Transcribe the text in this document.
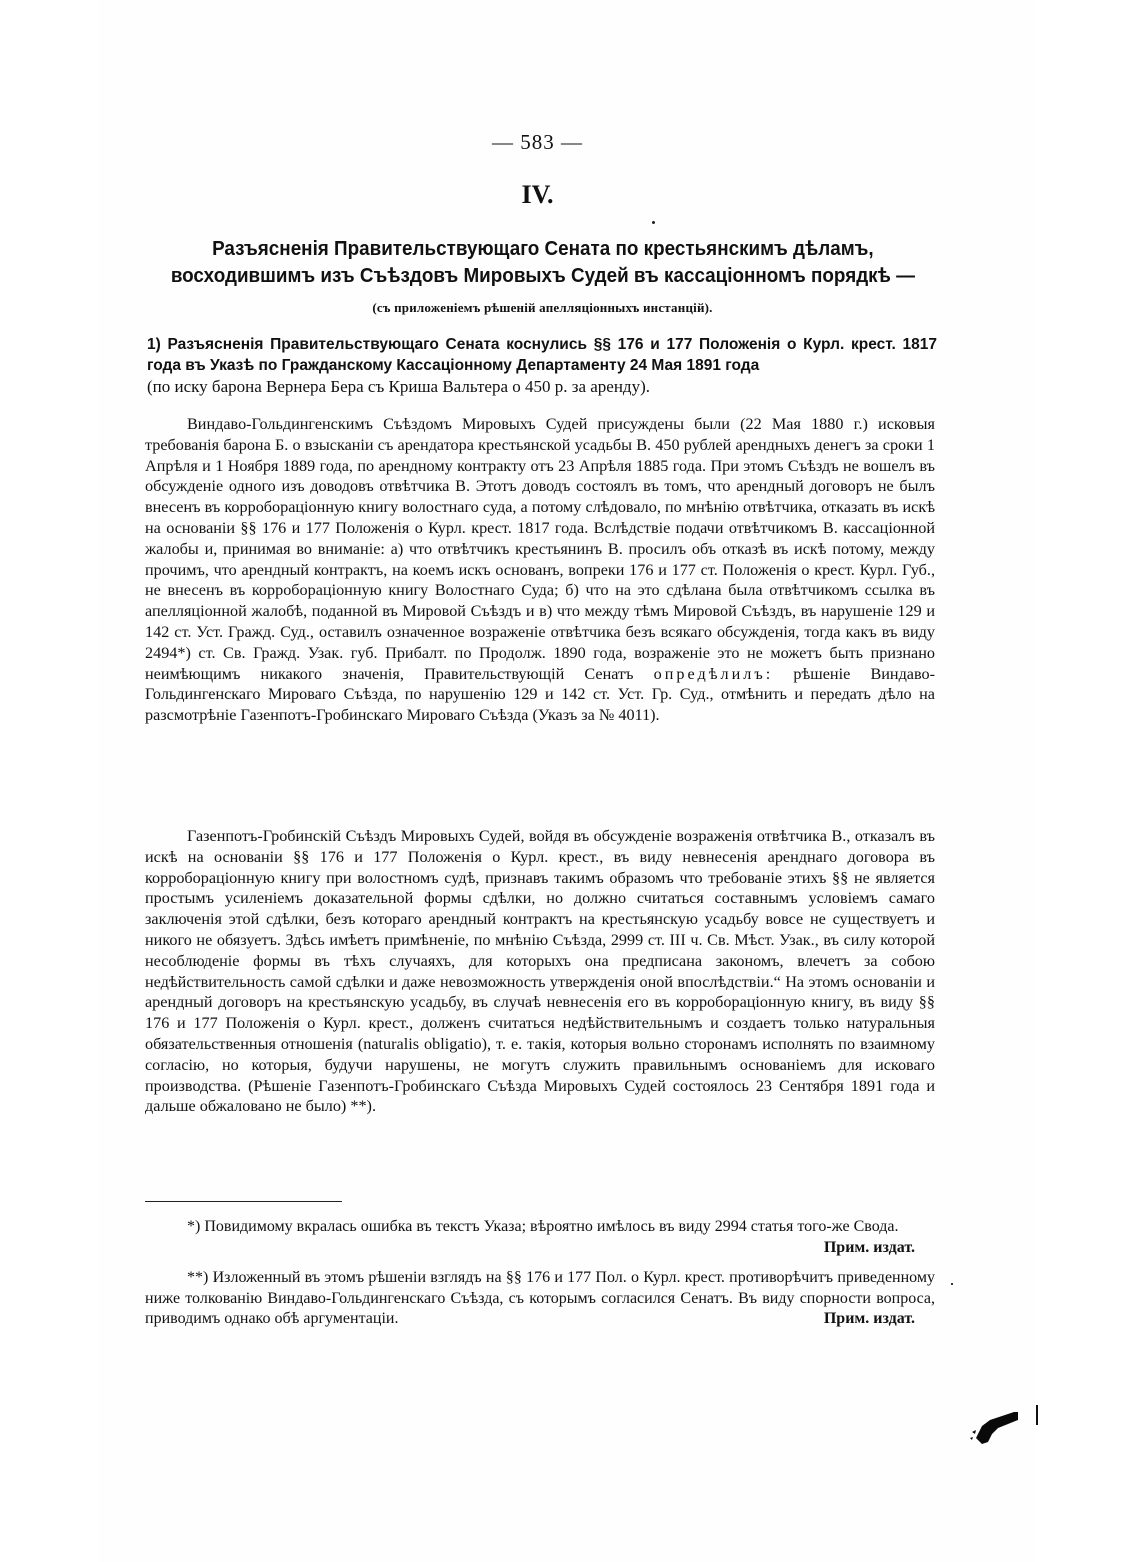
— 583 —
IV.
Разъясненія Правительствующаго Сената по крестьянскимъ дѣламъ, восходившимъ изъ Съѣздовъ Мировыхъ Судей въ кассаціонномъ порядкѣ —
(съ приложеніемъ рѣшеній апелляціонныхъ инстанцій).
1) Разъясненія Правительствующаго Сената коснулись §§ 176 и 177 Положенія о Курл. крест. 1817 года въ Указѣ по Гражданскому Кассаціонному Департаменту 24 Мая 1891 года
(по иску барона Вернера Бера съ Криша Вальтера о 450 р. за аренду).

Виндаво-Гольдингенскимъ Съѣздомъ Мировыхъ Судей присуждены были (22 Мая 1880 г.) исковыя требованія барона Б. о взысканіи съ арендатора крестьянской усадьбы В. 450 рублей арендныхъ денегъ за сроки 1 Апрѣля и 1 Ноября 1889 года, по арендному контракту отъ 23 Апрѣля 1885 года. При этомъ Съѣздъ не вошелъ въ обсужденіе одного изъ доводовъ отвѣтчика В. Этотъ доводъ состоялъ въ томъ, что арендный договоръ не былъ внесенъ въ корроборaціонную книгу волостнаго суда, а потому слѣдовало, по мнѣнію отвѣтчика, отказать въ искѣ на основаніи §§ 176 и 177 Положенія о Курл. крест. 1817 года. Вслѣдствіе подачи отвѣтчикомъ В. кассаціонной жалобы и, принимая во вниманіе: а) что отвѣтчикъ крестьянинъ В. просилъ объ отказѣ въ искѣ потому, между прочимъ, что арендный контрактъ, на коемъ искъ основанъ, вопреки 176 и 177 ст. Положенія о крест. Курл. Губ., не внесенъ въ корроборaціонную книгу Волостнаго Суда; б) что на это сдѣлана была отвѣтчикомъ ссылка въ апелляціонной жалобѣ, поданной въ Мировой Съѣздъ и в) что между тѣмъ Мировой Съѣздъ, въ нарушеніе 129 и 142 ст. Уст. Гражд. Суд., оставилъ означенное возраженіе отвѣтчика безъ всякаго обсужденія, тогда какъ въ виду 2494*) ст. Св. Гражд. Узак. губ. Прибалт. по Продолж. 1890 года, возраженіе это не можетъ быть признано неимѣющимъ никакого значенія, Правительствующій Сенатъ опредѣлилъ: рѣшеніе Виндаво-Гольдингенскаго Мироваго Съѣзда, по нарушенію 129 и 142 ст. Уст. Гр. Суд., отмѣнить и передать дѣло на разсмотрѣніе Газенпотъ-Гробинскаго Мироваго Съѣзда (Указъ за № 4011).

Газенпотъ-Гробинскій Съѣздъ Мировыхъ Судей, войдя въ обсужденіе возраженія отвѣтчика В., отказалъ въ искѣ на основаніи §§ 176 и 177 Положенія о Курл. крест., въ виду невнесенія аренднаго договора въ корроборaціонную книгу при волостномъ судѣ, признавъ такимъ образомъ что требованіе этихъ §§ не является простымъ усиленіемъ доказательной формы сдѣлки, но должно считаться составнымъ условіемъ самаго заключенія этой сдѣлки, безъ котораго арендный контрактъ на крестьянскую усадьбу вовсе не существуетъ и никого не обязуетъ. Здѣсь имѣетъ примѣненіе, по мнѣнію Съѣзда, 2999 ст. III ч. Св. Мѣст. Узак., въ силу которой несоблюденіе формы въ тѣхъ случаяхъ, для которыхъ она предписана закономъ, влечетъ за собою недѣйствительность самой сдѣлки и даже невозможность утвержденія оной впослѣдствіи.“ На этомъ основаніи и арендный договоръ на крестьянскую усадьбу, въ случаѣ невнесенія его въ корроборaціонную книгу, въ виду §§ 176 и 177 Положенія о Курл. крест., долженъ считаться недѣйствительнымъ и создаетъ только натуральныя обязательственныя отношенія (naturalis obligatio), т. е. такія, которыя вольно сторонамъ исполнять по взаимному согласію, но которыя, будучи нарушены, не могутъ служить правильнымъ основаніемъ для исковаго производства. (Рѣшеніе Газенпотъ-Гробинскаго Съѣзда Мировыхъ Судей состоялось 23 Сентября 1891 года и дальше обжаловано не было) **).

*) Повидимому вкралась ошибка въ текстъ Указа; вѣроятно имѣлось въ виду 2994 статья того-же Свода.
Прим. издат.

**) Изложенный въ этомъ рѣшеніи взглядъ на §§ 176 и 177 Пол. о Курл. крест. противорѣчитъ приведенному ниже толкованію Виндаво-Гольдингенскаго Съѣзда, съ которымъ согласился Сенатъ. Въ виду спорности вопроса, приводимъ однако обѣ аргументаціи.	Прим. издат.
